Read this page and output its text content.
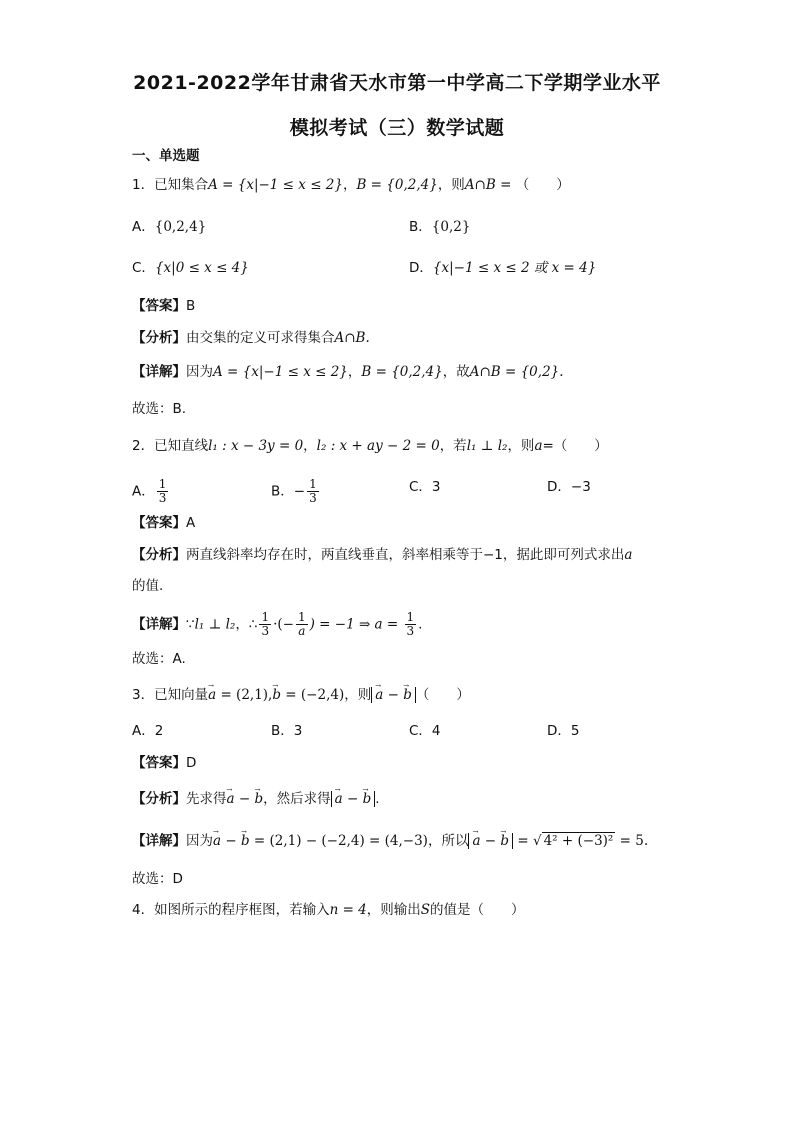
2021-2022学年甘肃省天水市第一中学高二下学期学业水平
模拟考试（三）数学试题
一、单选题
1．已知集合A = {x|−1 ≤ x ≤ 2}，B = {0,2,4}，则A∩B = （　　）
A．{0,2,4}	B．{0,2}
C．{x|0 ≤ x ≤ 4}	D．{x|−1 ≤ x ≤ 2 或 x = 4}
【答案】B
【分析】由交集的定义可求得集合A∩B.
【详解】因为A = {x|−1 ≤ x ≤ 2}，B = {0,2,4}，故A∩B = {0,2}.
故选：B.
2．已知直线l₁ : x − 3y = 0，l₂ : x + ay − 2 = 0，若l₁ ⊥ l₂，则a=（　　）
A． $\frac{1}{3}$	B．− $\frac{1}{3}$	C．3	D．−3
【答案】A
【分析】两直线斜率均存在时，两直线垂直，斜率相乘等于−1，据此即可列式求出a
的值.
【详解】∵l₁ ⊥ l₂，∴ $\frac{1}{3}$ ·(− $\frac{1}{a}$ ) = −1 ⇒ $a = \frac{1}{3}$ .
故选：A.
3．已知向量→ a = (2,1),→ b = (−2,4)，则 → a − → b （　　）
A．2	B．3	C．4	D．5
【答案】D
【分析】先求得→ a − → b，然后求得 → a − → b .
【详解】因为→ a − → b = (2,1) − (−2,4) = (4,−3)，所以 → a − → b = √ 4² + (−3)² = 5.
故选：D
4．如图所示的程序框图，若输入n = 4，则输出S的值是（　　）
